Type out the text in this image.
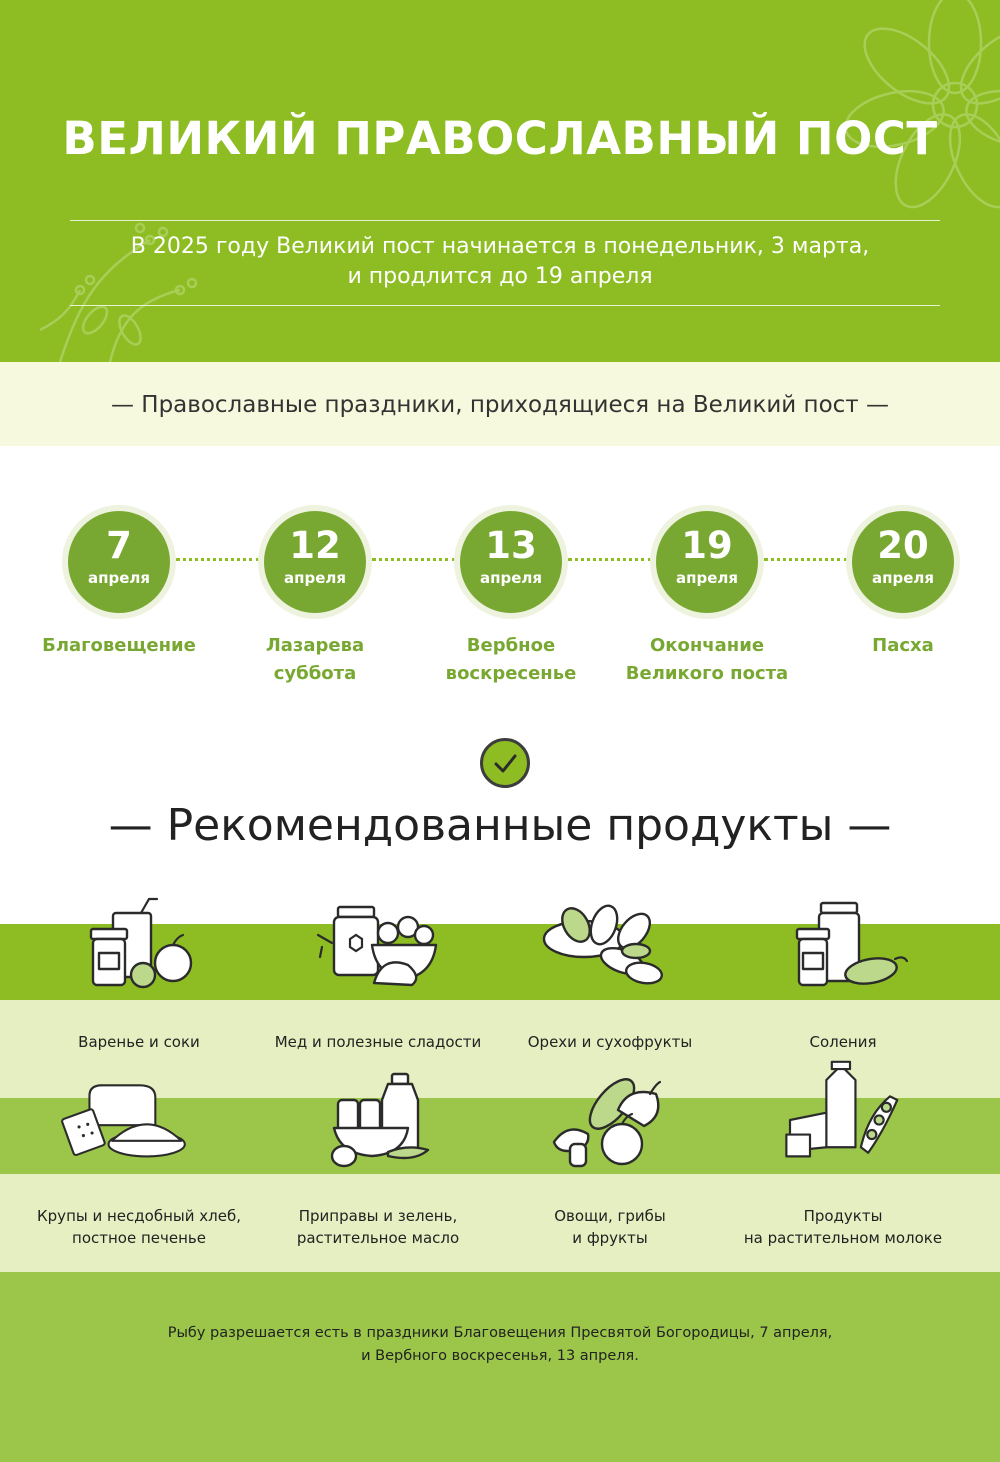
ВЕЛИКИЙ ПРАВОСЛАВНЫЙ ПОСТ
В 2025 году Великий пост начинается в понедельник, 3 марта,
и продлится до 19 апреля
— Православные праздники, приходящиеся на Великий пост —
7
апреля
12
апреля
13
апреля
19
апреля
20
апреля
Благовещение	Лазарева
суббота
Вербное
воскресенье
Окончание
Великого поста
Пасха
— Рекомендованные продукты —
Варенье и соки	Мед и полезные сладости	Орехи и сухофрукты	Соления
Крупы и несдобный хлеб,
постное печенье
Приправы и зелень,
растительное масло
Овощи, грибы
и фрукты
Продукты
на растительном молоке
Рыбу разрешается есть в праздники Благовещения Пресвятой Богородицы, 7 апреля,
и Вербного воскресенья, 13 апреля.
